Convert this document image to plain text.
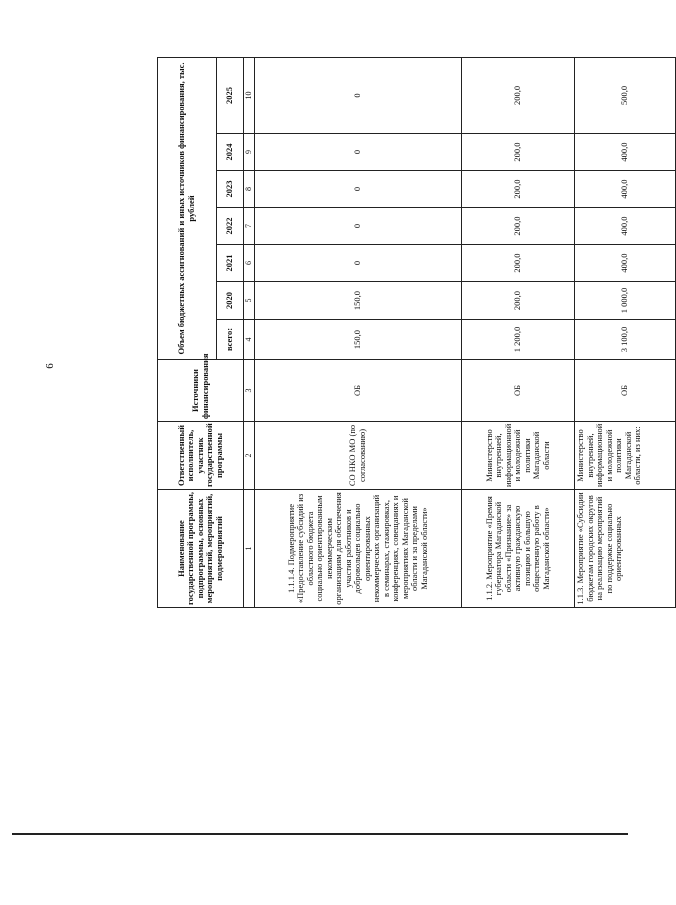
6
Наименование государственной программы, подпрограммы, основных мероприятий, мероприятий, подмероприятий	Ответственный исполнитель, участник государственной программы	Источники финансирования	Объем бюджетных ассигнований и иных источников финансирования, тыс. рублей						
			всего:	2020	2021	2022	2023	2024	2025
1	2	3	4	5	6	7	8	9	10
1.1.1.4. Подмероприятие «Предоставление субсидий из областного бюджета социально ориентированным некоммерческим организациям для обеспечения участия работников и добровольцев социально ориентированных некоммерческих организаций в семинарах, стажировках, конференциях, совещаниях и мероприятиях Магаданской области и за пределами Магаданской области»	СО НКО МО (по согласованию)	ОБ	150,0	150,0	0	0	0	0	0
1.1.2. Мероприятие «Премия губернатора Магаданской области «Признание» за активную гражданскую позицию и большую общественную работу в Магаданской области»	Министерство внутренней, информационной и молодежной политики Магаданской области	ОБ	1 200,0	200,0	200,0	200,0	200,0	200,0	200,0
1.1.3. Мероприятие «Субсидии бюджетам городских округов на реализацию мероприятий по поддержке социально ориентированных	Министерство внутренней, информационной и молодежной политики Магаданской области, из них:	ОБ	3 100,0	1 000,0	400,0	400,0	400,0	400,0	500,0
